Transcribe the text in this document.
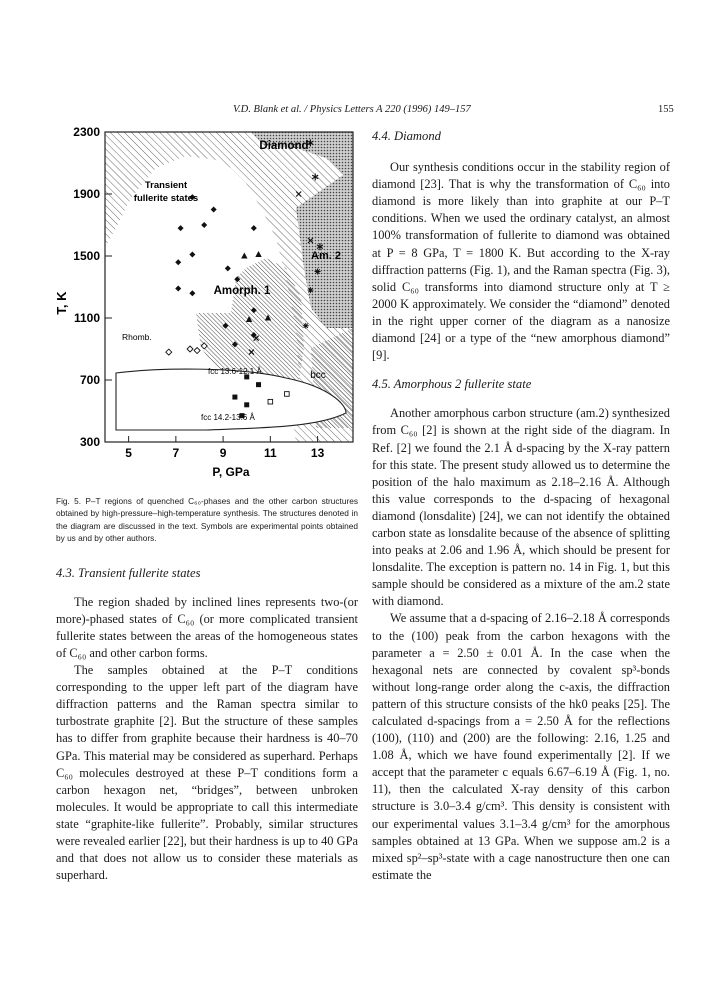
V.D. Blank et al. / Physics Letters A 220 (1996) 149–157	155
300
700
1100
1500
1900
2300
5	7	9	11	13
T, K
P, GPa
Diamond
Transient
fullerite states
Am. 2
Amorph. 1
Rhomb.
bcc
fcc 13.6-12.1 Å
fcc 14.2-13.6 Å
Fig. 5. P–T regions of quenched C₆₀-phases and the other carbon structures obtained by high-pressure–high-temperature synthesis. The structures denoted in the diagram are discussed in the text. Symbols are experimental points obtained by us and by other authors.

4.3. Transient fullerite states

The region shaded by inclined lines represents two-(or more)-phased states of C₆₀ (or more complicated transient fullerite states between the areas of the homogeneous states of C₆₀ and other carbon forms.

The samples obtained at the P–T conditions corresponding to the upper left part of the diagram have diffraction patterns and the Raman spectra similar to turbostrate graphite [2]. But the structure of these samples has to differ from graphite because their hardness is 40–70 GPa. This material may be considered as superhard. Perhaps C₆₀ molecules destroyed at these P–T conditions form a carbon hexagon net, “bridges”, between unbroken molecules. It would be appropriate to call this intermediate state “graphite-like fullerite”. Probably, similar structures were revealed earlier [22], but their hardness is up to 40 GPa and that does not allow us to consider these materials as superhard.

4.4. Diamond

Our synthesis conditions occur in the stability region of diamond [23]. That is why the transformation of C₆₀ into diamond is more likely than into graphite at our P–T conditions. When we used the ordinary catalyst, an almost 100% transformation of fullerite to diamond was obtained at P = 8 GPa, T = 1800 K. But according to the X-ray diffraction patterns (Fig. 1), and the Raman spectra (Fig. 3), solid C₆₀ transforms into diamond structure only at T ≥ 2000 K approximately. We consider the “diamond” denoted in the right upper corner of the diagram as a nanosize diamond [24] or a type of the “new amorphous diamond” [9].

4.5. Amorphous 2 fullerite state

Another amorphous carbon structure (am.2) synthesized from C₆₀ [2] is shown at the right side of the diagram. In Ref. [2] we found the 2.1 Å d-spacing by the X-ray pattern for this state. The present study allowed us to determine the position of the halo maximum as 2.18–2.16 Å. Although this value corresponds to the d-spacing of hexagonal diamond (lonsdalite) [24], we can not identify the obtained carbon state as lonsdalite because of the absence of splitting into peaks at 2.06 and 1.96 Å, which should be present for lonsdalite. The exception is pattern no. 14 in Fig. 1, but this sample should be considered as a mixture of the am.2 state with diamond.

We assume that a d-spacing of 2.16–2.18 Å corresponds to the (100) peak from the carbon hexagons with the parameter a = 2.50 ± 0.01 Å. In the case when the hexagonal nets are connected by covalent sp³-bonds without long-range order along the c-axis, the diffraction pattern of this structure consists of the hk0 peaks [25]. The calculated d-spacings from a = 2.50 Å for the reflections (100), (110) and (200) are the following: 2.16, 1.25 and 1.08 Å, which we have found experimentally [2]. If we accept that the parameter c equals 6.67–6.19 Å (Fig. 1, no. 11), then the calculated X-ray density of this carbon structure is 3.0–3.4 g/cm³. This density is consistent with our experimental values 3.1–3.4 g/cm³ for the amorphous samples obtained at 13 GPa. When we suppose am.2 is a mixed sp²–sp³-state with a cage nanostructure then one can estimate the
